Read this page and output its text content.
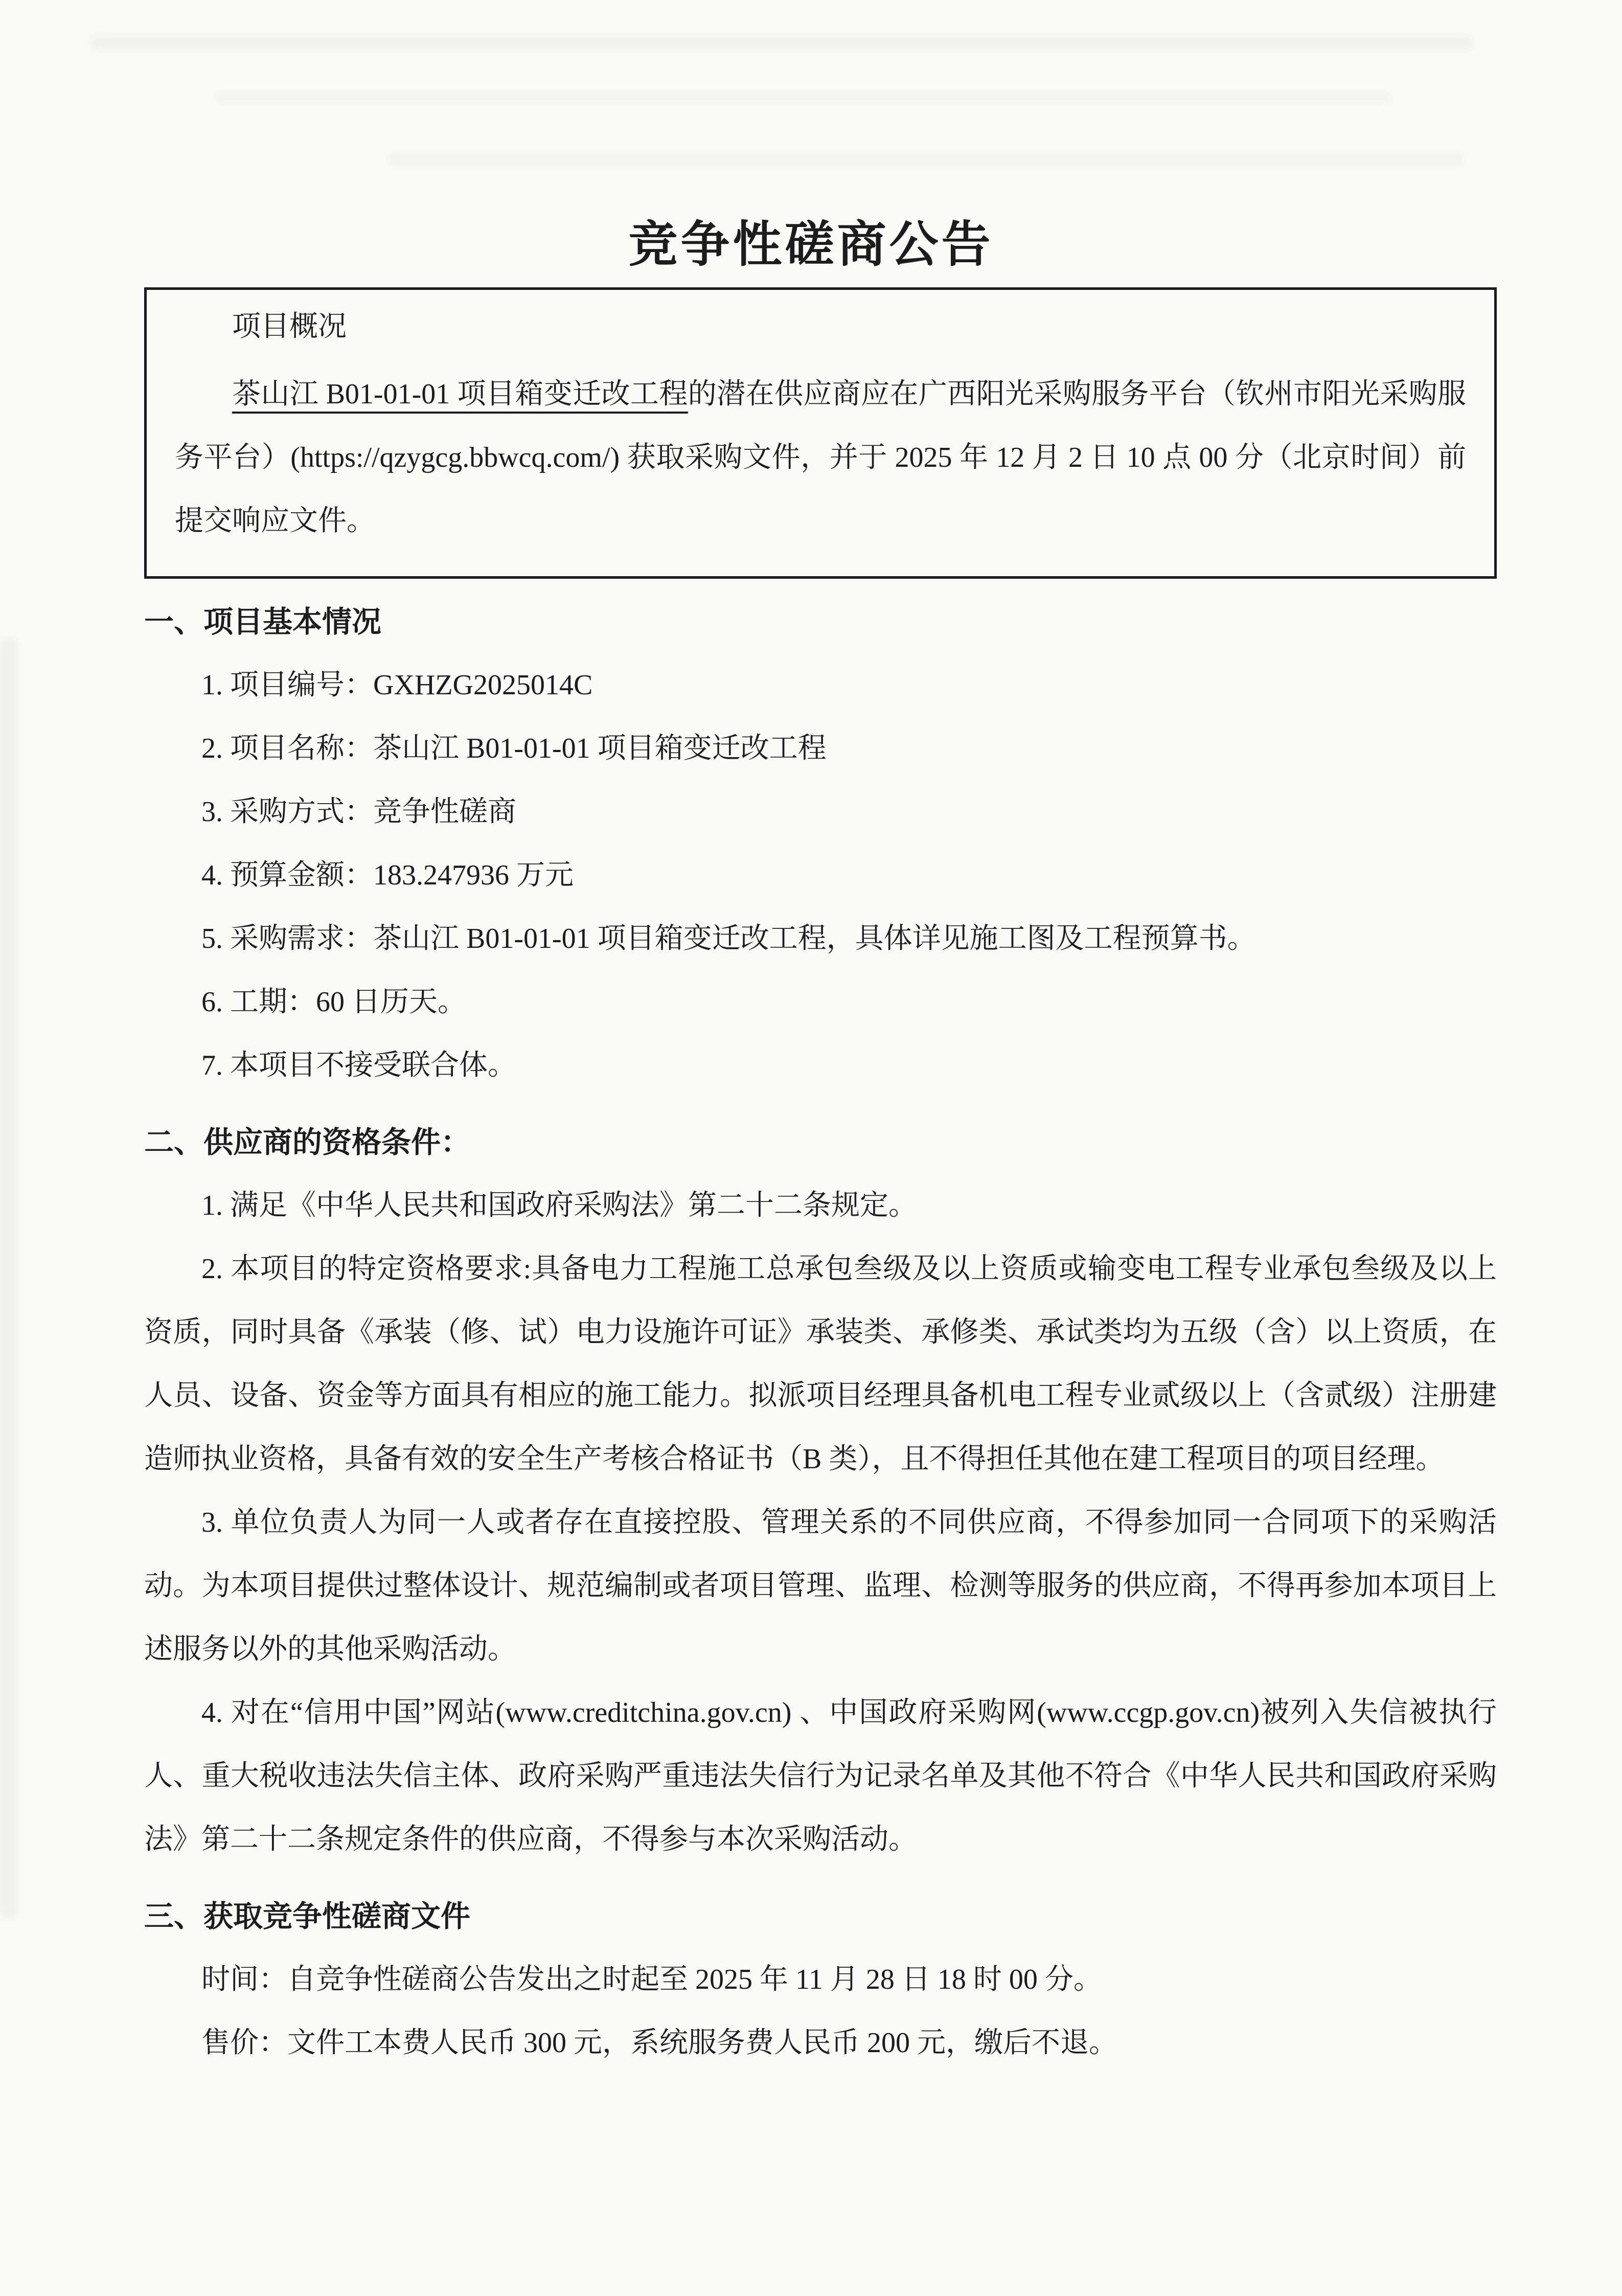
竞争性磋商公告

项目概况

茶山江 B01-01-01 项目箱变迁改工程的潜在供应商应在广西阳光采购服务平台（钦州市阳光采购服务平台）(https://qzygcg.bbwcq.com/) 获取采购文件，并于 2025 年 12 月 2 日 10 点 00 分（北京时间）前提交响应文件。

一、项目基本情况

1. 项目编号：GXHZG2025014C

2. 项目名称：茶山江 B01-01-01 项目箱变迁改工程

3. 采购方式：竞争性磋商

4. 预算金额：183.247936 万元

5. 采购需求：茶山江 B01-01-01 项目箱变迁改工程，具体详见施工图及工程预算书。

6. 工期：60 日历天。

7. 本项目不接受联合体。

二、供应商的资格条件：

1. 满足《中华人民共和国政府采购法》第二十二条规定。

2. 本项目的特定资格要求:具备电力工程施工总承包叁级及以上资质或输变电工程专业承包叁级及以上资质，同时具备《承装（修、试）电力设施许可证》承装类、承修类、承试类均为五级（含）以上资质，在人员、设备、资金等方面具有相应的施工能力。拟派项目经理具备机电工程专业贰级以上（含贰级）注册建造师执业资格，具备有效的安全生产考核合格证书（B 类），且不得担任其他在建工程项目的项目经理。

3. 单位负责人为同一人或者存在直接控股、管理关系的不同供应商，不得参加同一合同项下的采购活动。为本项目提供过整体设计、规范编制或者项目管理、监理、检测等服务的供应商，不得再参加本项目上述服务以外的其他采购活动。

4. 对在“信用中国”网站(www.creditchina.gov.cn) 、中国政府采购网(www.ccgp.gov.cn)被列入失信被执行人、重大税收违法失信主体、政府采购严重违法失信行为记录名单及其他不符合《中华人民共和国政府采购法》第二十二条规定条件的供应商，不得参与本次采购活动。

三、获取竞争性磋商文件

时间：自竞争性磋商公告发出之时起至 2025 年 11 月 28 日 18 时 00 分。

售价：文件工本费人民币 300 元，系统服务费人民币 200 元，缴后不退。
